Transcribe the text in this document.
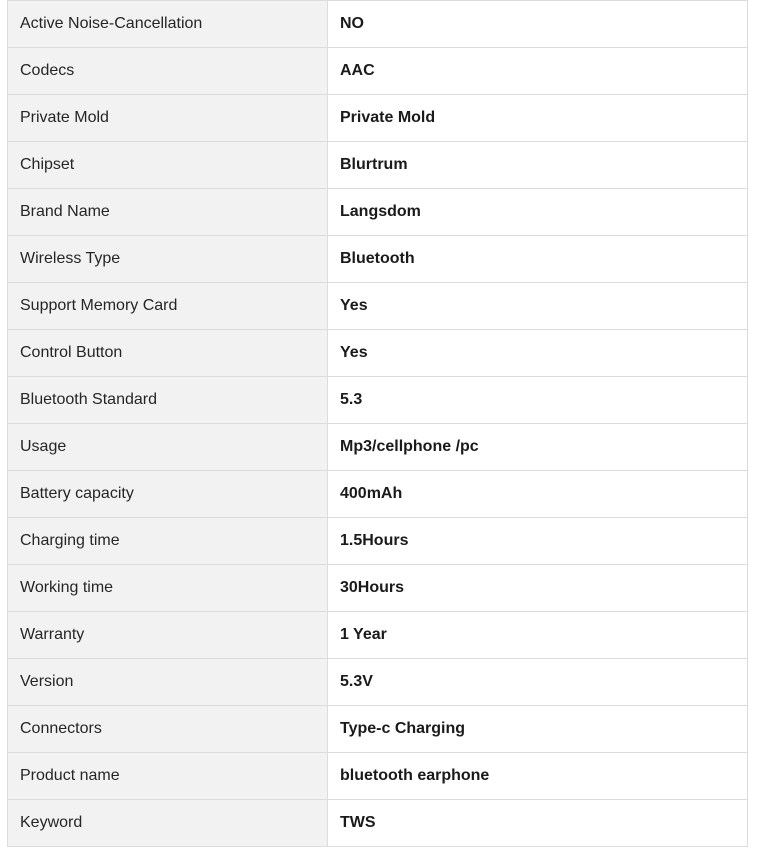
Active Noise-Cancellation	NO
Codecs	AAC
Private Mold	Private Mold
Chipset	Blurtrum
Brand Name	Langsdom
Wireless Type	Bluetooth
Support Memory Card	Yes
Control Button	Yes
Bluetooth Standard	5.3
Usage	Mp3/cellphone /pc
Battery capacity	400mAh
Charging time	1.5Hours
Working time	30Hours
Warranty	1 Year
Version	5.3V
Connectors	Type-c Charging
Product name	bluetooth earphone
Keyword	TWS
